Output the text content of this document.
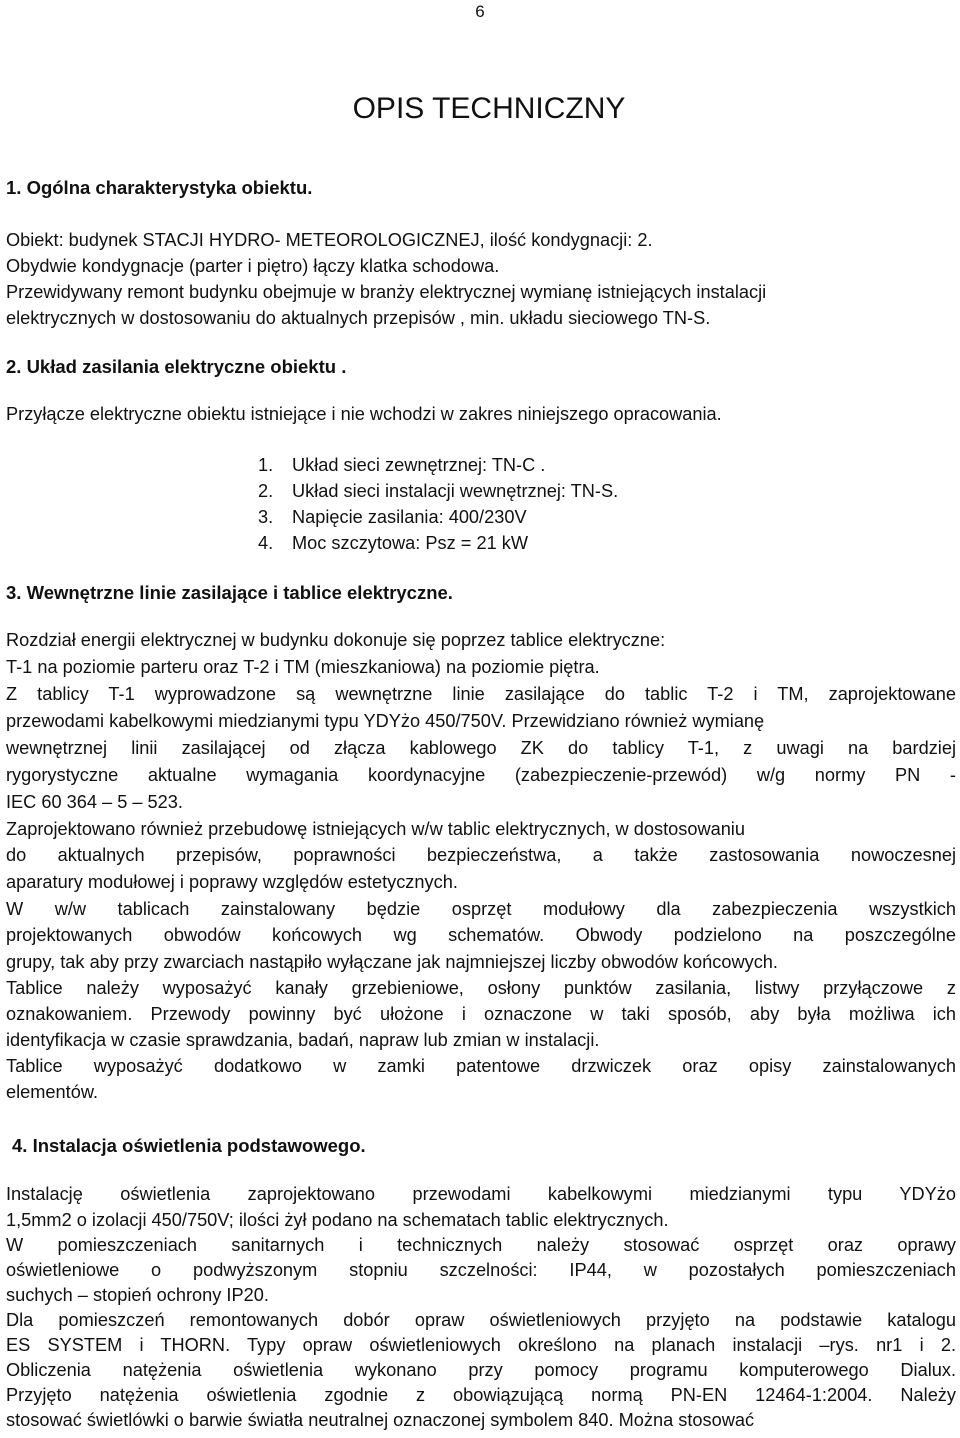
6
OPIS TECHNICZNY
1. Ogólna charakterystyka obiektu.
Obiekt: budynek STACJI HYDRO- METEOROLOGICZNEJ, ilość kondygnacji: 2.
Obydwie kondygnacje (parter i piętro) łączy klatka schodowa.
Przewidywany remont budynku obejmuje w branży elektrycznej wymianę istniejących instalacji
elektrycznych w dostosowaniu do aktualnych przepisów , min. układu sieciowego TN-S.
2. Układ zasilania elektryczne obiektu .
Przyłącze elektryczne obiektu istniejące i nie wchodzi w zakres niniejszego opracowania.
1. Układ sieci zewnętrznej: TN-C .
2. Układ sieci instalacji wewnętrznej: TN-S.
3. Napięcie zasilania: 400/230V
4. Moc szczytowa: Psz = 21 kW
3. Wewnętrzne linie zasilające i tablice elektryczne.
Rozdział energii elektrycznej w budynku dokonuje się poprzez tablice elektryczne:
T-1 na poziomie parteru oraz T-2 i TM (mieszkaniowa) na poziomie piętra.
Z tablicy T-1 wyprowadzone są wewnętrzne linie zasilające do tablic T-2 i TM, zaprojektowane
przewodami kabelkowymi miedzianymi typu YDYżo 450/750V. Przewidziano również wymianę
wewnętrznej linii zasilającej od złącza kablowego ZK do tablicy T-1, z uwagi na bardziej
rygorystyczne aktualne wymagania koordynacyjne (zabezpieczenie-przewód) w/g normy PN -
IEC 60 364 – 5 – 523.
Zaprojektowano również przebudowę istniejących w/w tablic elektrycznych, w dostosowaniu
do aktualnych przepisów, poprawności bezpieczeństwa, a także zastosowania nowoczesnej
aparatury modułowej i poprawy względów estetycznych.
W w/w tablicach zainstalowany będzie osprzęt modułowy dla zabezpieczenia wszystkich
projektowanych obwodów końcowych wg schematów. Obwody podzielono na poszczególne
grupy, tak aby przy zwarciach nastąpiło wyłączane jak najmniejszej liczby obwodów końcowych.
Tablice należy wyposażyć kanały grzebieniowe, osłony punktów zasilania, listwy przyłączowe z
oznakowaniem. Przewody powinny być ułożone i oznaczone w taki sposób, aby była możliwa ich
identyfikacja w czasie sprawdzania, badań, napraw lub zmian w instalacji.
Tablice wyposażyć dodatkowo w zamki patentowe drzwiczek oraz opisy zainstalowanych
elementów.
4. Instalacja oświetlenia podstawowego.
Instalację oświetlenia zaprojektowano przewodami kabelkowymi miedzianymi typu YDYżo
1,5mm2 o izolacji 450/750V; ilości żył podano na schematach tablic elektrycznych.
W pomieszczeniach sanitarnych i technicznych należy stosować osprzęt oraz oprawy
oświetleniowe o podwyższonym stopniu szczelności: IP44, w pozostałych pomieszczeniach
suchych – stopień ochrony IP20.
Dla pomieszczeń remontowanych dobór opraw oświetleniowych przyjęto na podstawie katalogu
ES SYSTEM i THORN. Typy opraw oświetleniowych określono na planach instalacji –rys. nr1 i 2.
Obliczenia natężenia oświetlenia wykonano przy pomocy programu komputerowego Dialux.
Przyjęto natężenia oświetlenia zgodnie z obowiązującą normą PN-EN 12464-1:2004. Należy
stosować świetlówki o barwie światła neutralnej oznaczonej symbolem 840. Można stosować
